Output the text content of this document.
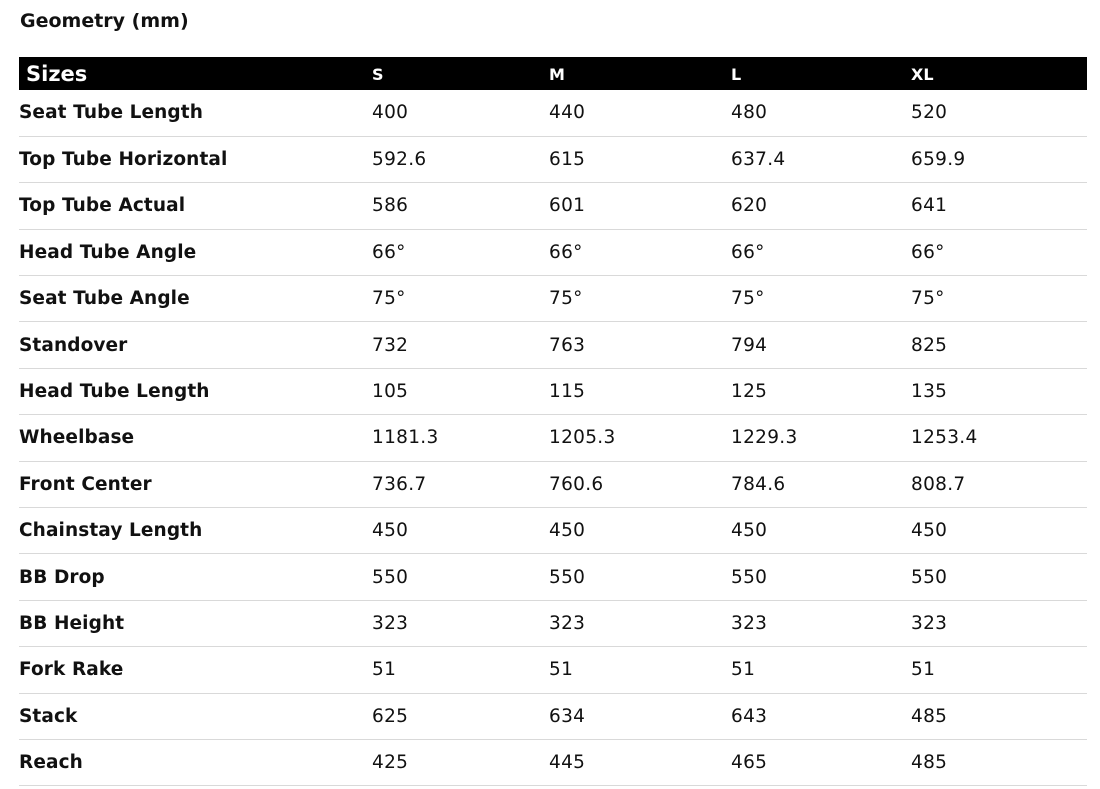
Geometry (mm)
Sizes	S	M	L	XL
Seat Tube Length	400	440	480	520
Top Tube Horizontal	592.6	615	637.4	659.9
Top Tube Actual	586	601	620	641
Head Tube Angle	66°	66°	66°	66°
Seat Tube Angle	75°	75°	75°	75°
Standover	732	763	794	825
Head Tube Length	105	115	125	135
Wheelbase	1181.3	1205.3	1229.3	1253.4
Front Center	736.7	760.6	784.6	808.7
Chainstay Length	450	450	450	450
BB Drop	550	550	550	550
BB Height	323	323	323	323
Fork Rake	51	51	51	51
Stack	625	634	643	485
Reach	425	445	465	485
